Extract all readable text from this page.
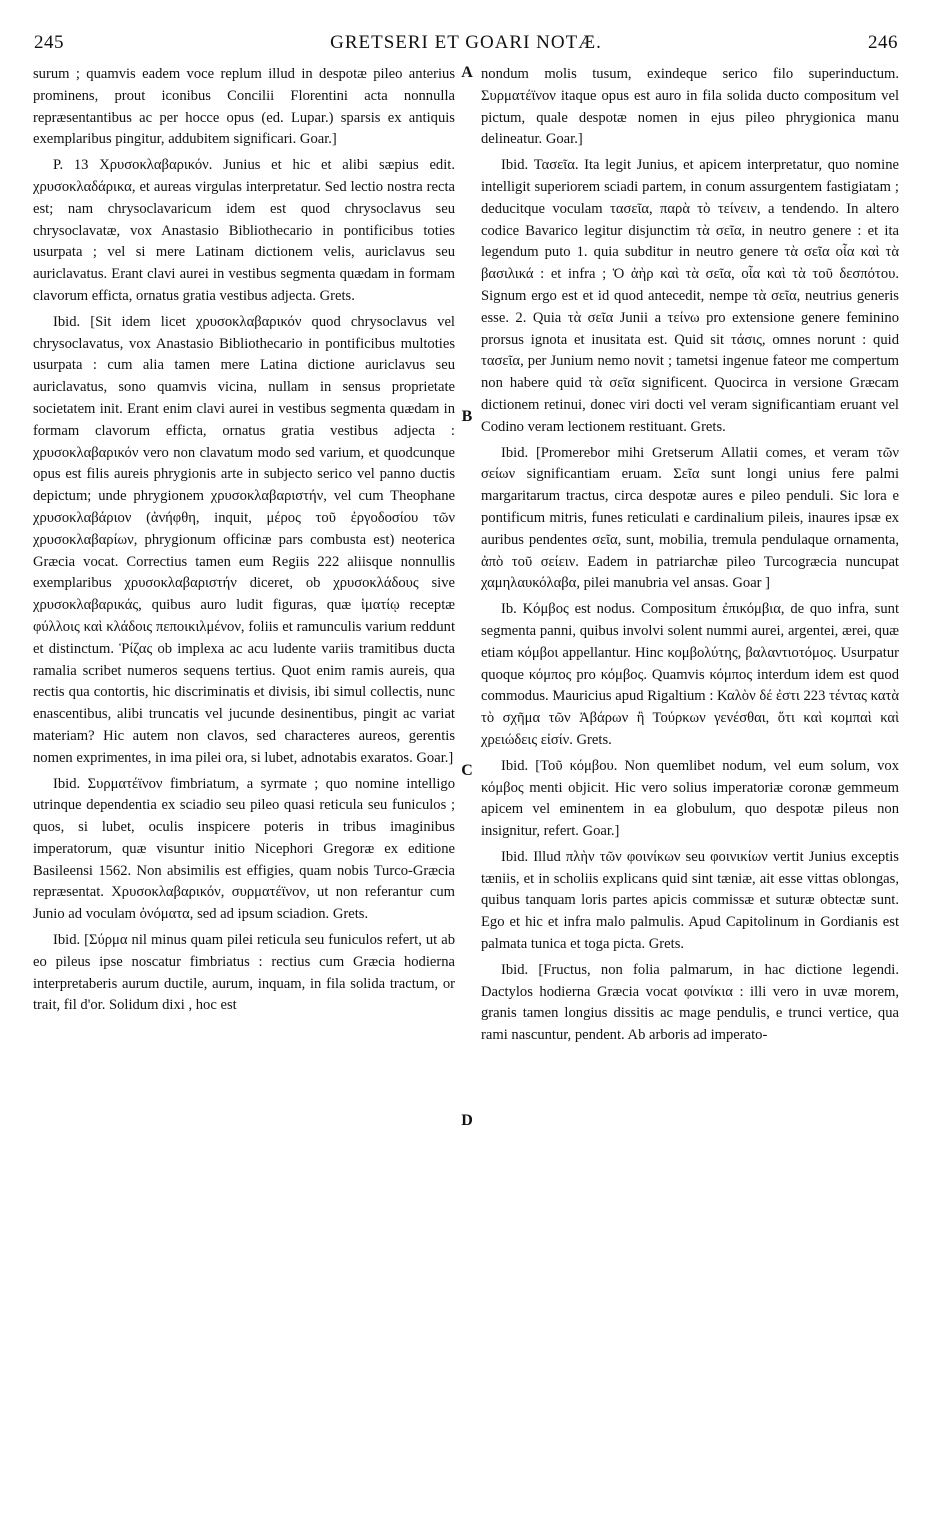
245	GRETSERI ET GOARI NOTÆ.	246

surum ; quamvis eadem voce replum illud in despotæ pileo anterius prominens, prout iconibus Concilii Florentini acta nonnulla repræsentantibus ac per hocce opus (ed. Lupar.) sparsis ex antiquis exemplaribus pingitur, addubitem significari. Goar.]

P. 13 Χρυσοκλαβαρικόν. Junius et hic et alibi sæpius edit. χρυσοκλαδάρικα, et aureas virgulas interpretatur. Sed lectio nostra recta est; nam chrysoclavaricum idem est quod chrysoclavus seu chrysoclavatæ, vox Anastasio Bibliothecario in pontificibus toties usurpata ; vel si mere Latinam dictionem velis, auriclavus seu auriclavatus. Erant clavi aurei in vestibus segmenta quædam in formam clavorum efficta, ornatus gratia vestibus adjecta. Grets.

Ibid. [Sit idem licet χρυσοκλαβαρικόν quod chrysoclavus vel chrysoclavatus, vox Anastasio Bibliothecario in pontificibus multoties usurpata : cum alia tamen mere Latina dictione auriclavus seu auriclavatus, sono quamvis vicina, nullam in sensus proprietate societatem init. Erant enim clavi aurei in vestibus segmenta quædam in formam clavorum efficta, ornatus gratia vestibus adjecta : χρυσοκλαβαρικόν vero non clavatum modo sed varium, et quodcunque opus est filis aureis phrygionis arte in subjecto serico vel panno ductis depictum; unde phrygionem χρυσοκλαβαριστήν, vel cum Theophane χρυσοκλαβάριον (ἀνήφθη, inquit, μέρος τοῦ ἐργοδοσίου τῶν χρυσοκλαβαρίων, phrygionum officinæ pars combusta est) neoterica Græcia vocat. Correctius tamen eum Regiis 222 aliisque nonnullis exemplaribus χρυσοκλαβαριστήν diceret, ob χρυσοκλάδους sive χρυσοκλαβαρικάς, quibus auro ludit figuras, quæ ἱματίῳ receptæ φύλλοις καὶ κλάδοις πεποικιλμένον, foliis et ramunculis varium reddunt et distinctum. Ῥίζας ob implexa ac acu ludente variis tramitibus ducta ramalia scribet numeros sequens tertius. Quot enim ramis aureis, qua rectis qua contortis, hic discriminatis et divisis, ibi simul collectis, nunc enascentibus, alibi truncatis vel jucunde desinentibus, pingit ac variat materiam? Hic autem non clavos, sed characteres aureos, gerentis nomen exprimentes, in ima pilei ora, si lubet, adnotabis exaratos. Goar.]

Ibid. Συρματέϊνον fimbriatum, a syrmate ; quo nomine intelligo utrinque dependentia ex sciadio seu pileo quasi reticula seu funiculos ; quos, si lubet, oculis inspicere poteris in tribus imaginibus imperatorum, quæ visuntur initio Nicephori Gregoræ ex editione Basileensi 1562. Non absimilis est effigies, quam nobis Turco-Græcia repræsentat. Χρυσοκλαβαρικόν, συρματέϊνον, ut non referantur cum Junio ad voculam ὀνόματα, sed ad ipsum sciadion. Grets.

Ibid. [Σύρμα nil minus quam pilei reticula seu funiculos refert, ut ab eo pileus ipse noscatur fimbriatus : rectius cum Græcia hodierna interpretaberis aurum ductile, aurum, inquam, in fila solida tractum, or trait, fil d'or. Solidum dixi , hoc est

A
B
C
D

nondum molis tusum, exindeque serico filo superinductum. Συρματέϊνον itaque opus est auro in fila solida ducto compositum vel pictum, quale despotæ nomen in ejus pileo phrygionica manu delineatur. Goar.]

Ibid. Τασεῖα. Ita legit Junius, et apicem interpretatur, quo nomine intelligit superiorem sciadi partem, in conum assurgentem fastigiatam ; deducitque voculam τασεῖα, παρὰ τὸ τείνειν, a tendendo. In altero codice Bavarico legitur disjunctim τὰ σεῖα, in neutro genere : et ita legendum puto 1. quia subditur in neutro genere τὰ σεῖα οἷα καὶ τὰ βασιλικά : et infra ; Ὁ ἀὴρ καὶ τὰ σεῖα, οἷα καὶ τὰ τοῦ δεσπότου. Signum ergo est et id quod antecedit, nempe τὰ σεῖα, neutrius generis esse. 2. Quia τὰ σεῖα Junii a τείνω pro extensione genere feminino prorsus ignota et inusitata est. Quid sit τάσις, omnes norunt : quid τασεῖα, per Junium nemo novit ; tametsi ingenue fateor me compertum non habere quid τὰ σεῖα significent. Quocirca in versione Græcam dictionem retinui, donec viri docti vel veram significantiam eruant vel Codino veram lectionem restituant. Grets.

Ibid. [Promerebor mihi Gretserum Allatii comes, et veram τῶν σείων significantiam eruam. Σεῖα sunt longi unius fere palmi margaritarum tractus, circa despotæ aures e pileo penduli. Sic lora e pontificum mitris, funes reticulati e cardinalium pileis, inaures ipsæ ex auribus pendentes σεῖα, sunt, mobilia, tremula pendulaque ornamenta, ἀπὸ τοῦ σείειν. Eadem in patriarchæ pileo Turcogræcia nuncupat χαμηλαυκόλαβα, pilei manubria vel ansas. Goar ]

Ib. Κόμβος est nodus. Compositum ἐπικόμβια, de quo infra, sunt segmenta panni, quibus involvi solent nummi aurei, argentei, ærei, quæ etiam κόμβοι appellantur. Hinc κομβολύτης, βαλαντιοτόμος. Usurpatur quoque κόμπος pro κόμβος. Quamvis κόμπος interdum idem est quod commodus. Mauricius apud Rigaltium : Καλὸν δέ ἐστι 223 τέντας κατὰ τὸ σχῆμα τῶν Ἀβάρων ἢ Τούρκων γενέσθαι, ὅτι καὶ κομπαὶ καὶ χρειώδεις εἰσίν. Grets.

Ibid. [Τοῦ κόμβου. Non quemlibet nodum, vel eum solum, vox κόμβος menti objicit. Hic vero solius imperatoriæ coronæ gemmeum apicem vel eminentem in ea globulum, quo despotæ pileus non insignitur, refert. Goar.]

Ibid. Illud πλὴν τῶν φοινίκων seu φοινικίων vertit Junius exceptis tæniis, et in scholiis explicans quid sint tæniæ, ait esse vittas oblongas, quibus tanquam loris partes apicis commissæ et suturæ obtectæ sunt. Ego et hic et infra malo palmulis. Apud Capitolinum in Gordianis est palmata tunica et toga picta. Grets.

Ibid. [Fructus, non folia palmarum, in hac dictione legendi. Dactylos hodierna Græcia vocat φοινίκια : illi vero in uvæ morem, granis tamen longius dissitis ac mage pendulis, e trunci vertice, qua rami nascuntur, pendent. Ab arboris ad imperato-
